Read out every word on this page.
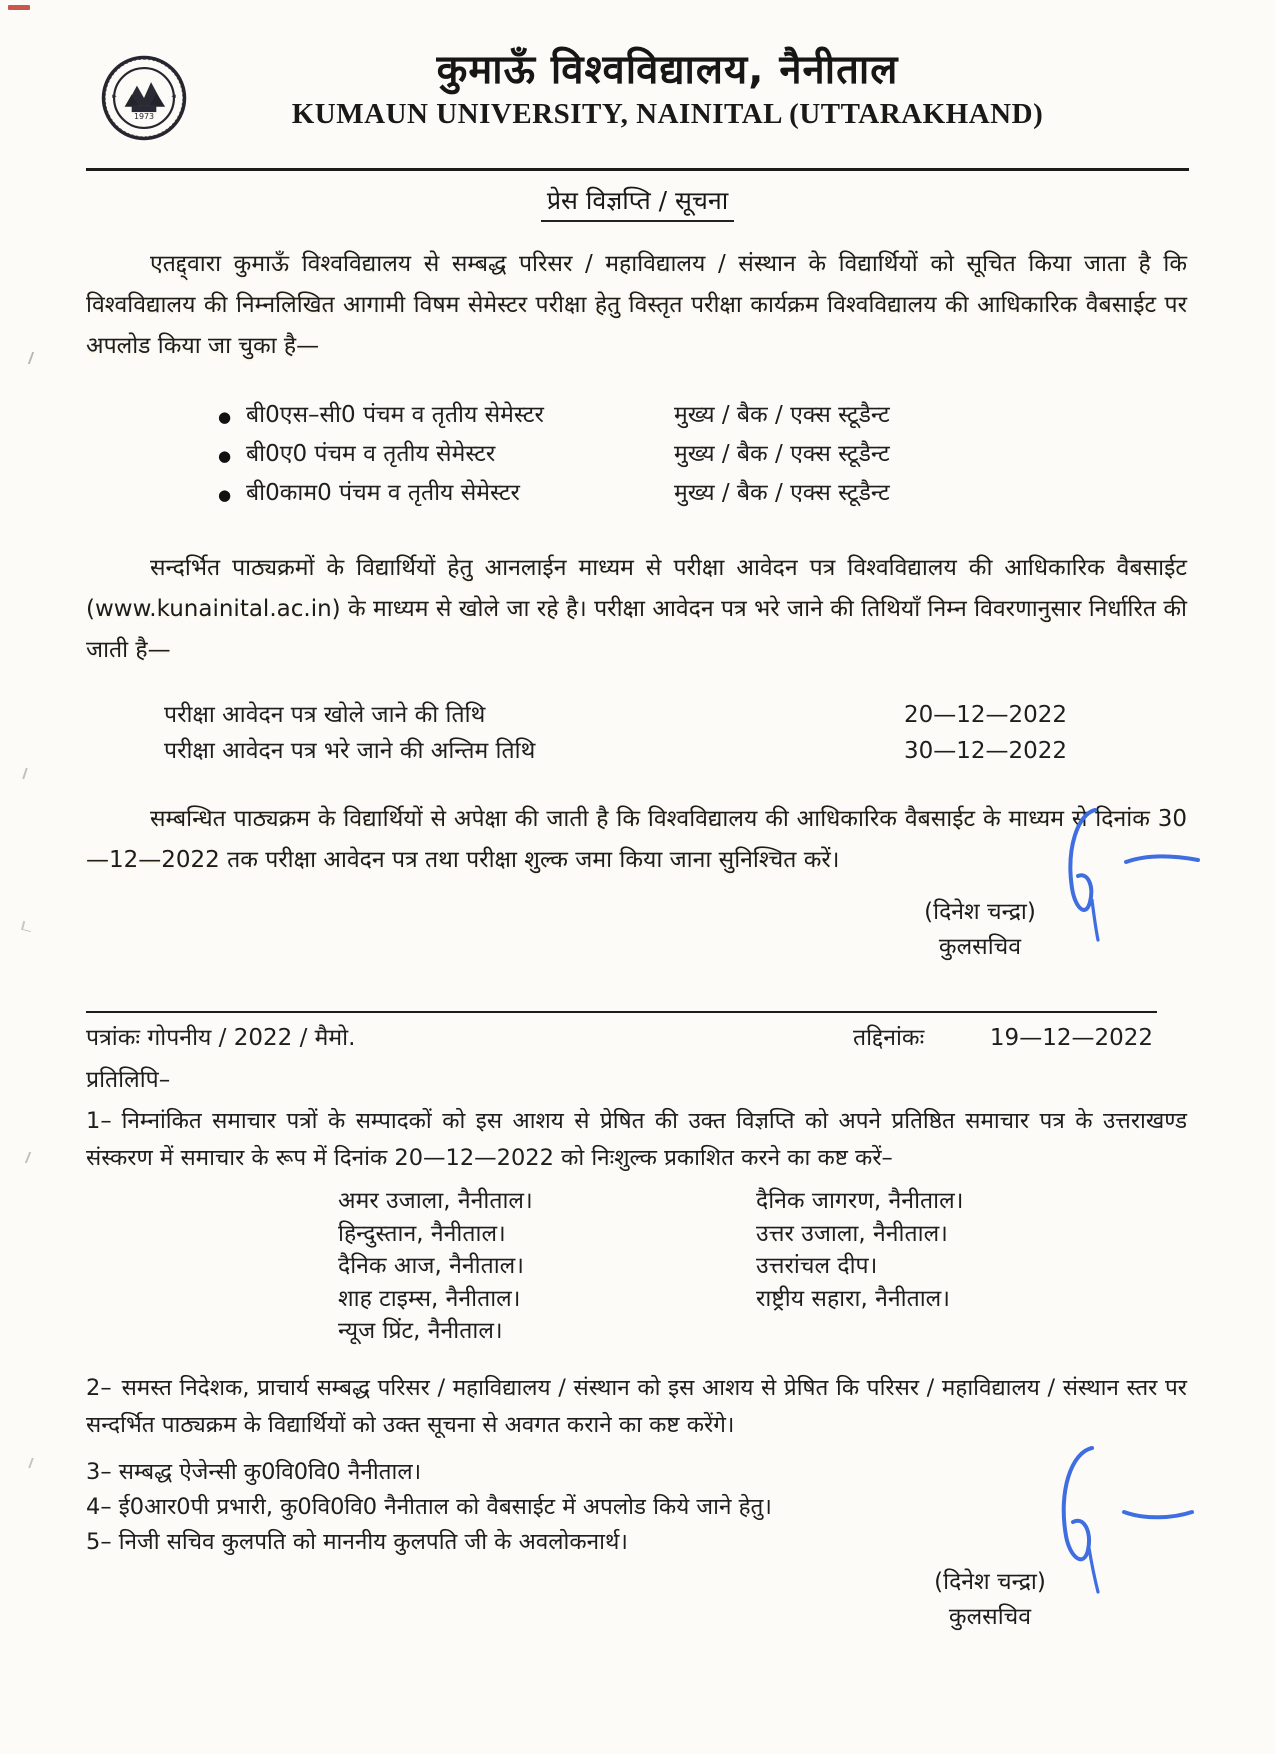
1973
कुमाऊँ विश्वविद्यालय, नैनीताल
KUMAUN UNIVERSITY, NAINITAL (UTTARAKHAND)
प्रेस विज्ञप्ति / सूचना

एतद्द्वारा कुमाऊँ विश्वविद्यालय से सम्बद्ध परिसर / महाविद्यालय / संस्थान के विद्यार्थियों को सूचित किया जाता है कि विश्वविद्यालय की निम्नलिखित आगामी विषम सेमेस्टर परीक्षा हेतु विस्तृत परीक्षा कार्यक्रम विश्वविद्यालय की आधिकारिक वैबसाईट पर अपलोड किया जा चुका है—

● बी0एस–सी0 पंचम व तृतीय सेमेस्टर	मुख्य / बैक / एक्स स्टूडैन्ट
● बी0ए0 पंचम व तृतीय सेमेस्टर	मुख्य / बैक / एक्स स्टूडैन्ट
● बी0काम0 पंचम व तृतीय सेमेस्टर	मुख्य / बैक / एक्स स्टूडैन्ट

सन्दर्भित पाठ्यक्रमों के विद्यार्थियों हेतु आनलाईन माध्यम से परीक्षा आवेदन पत्र विश्वविद्यालय की आधिकारिक वैबसाईट (www.kunainital.ac.in) के माध्यम से खोले जा रहे है। परीक्षा आवेदन पत्र भरे जाने की तिथियाँ निम्न विवरणानुसार निर्धारित की जाती है—

परीक्षा आवेदन पत्र खोले जाने की तिथि	20—12—2022
परीक्षा आवेदन पत्र भरे जाने की अन्तिम तिथि	30—12—2022

सम्बन्धित पाठ्यक्रम के विद्यार्थियों से अपेक्षा की जाती है कि विश्वविद्यालय की आधिकारिक वैबसाईट के माध्यम से दिनांक 30—12—2022 तक परीक्षा आवेदन पत्र तथा परीक्षा शुल्क जमा किया जाना सुनिश्चित करें।

(दिनेश चन्द्रा)
कुलसचिव
पत्रांकः गोपनीय / 2022 / मैमो.	तद्दिनांकः	19—12—2022
प्रतिलिपि–

1– निम्नांकित समाचार पत्रों के सम्पादकों को इस आशय से प्रेषित की उक्त विज्ञप्ति को अपने प्रतिष्ठित समाचार पत्र के उत्तराखण्ड संस्करण में समाचार के रूप में दिनांक 20—12—2022 को निःशुल्क प्रकाशित करने का कष्ट करें–

अमर उजाला, नैनीताल।
हिन्दुस्तान, नैनीताल।
दैनिक आज, नैनीताल।
शाह टाइम्स, नैनीताल।
न्यूज प्रिंट, नैनीताल।
दैनिक जागरण, नैनीताल।
उत्तर उजाला, नैनीताल।
उत्तरांचल दीप।
राष्ट्रीय सहारा, नैनीताल।

2– समस्त निदेशक, प्राचार्य सम्बद्ध परिसर / महाविद्यालय / संस्थान को इस आशय से प्रेषित कि परिसर / महाविद्यालय / संस्थान स्तर पर सन्दर्भित पाठ्यक्रम के विद्यार्थियों को उक्त सूचना से अवगत कराने का कष्ट करेंगे।

3– सम्बद्ध ऐजेन्सी कु0वि0वि0 नैनीताल।

4– ई0आर0पी प्रभारी, कु0वि0वि0 नैनीताल को वैबसाईट में अपलोड किये जाने हेतु।

5– निजी सचिव कुलपति को माननीय कुलपति जी के अवलोकनार्थ।

(दिनेश चन्द्रा)
कुलसचिव
